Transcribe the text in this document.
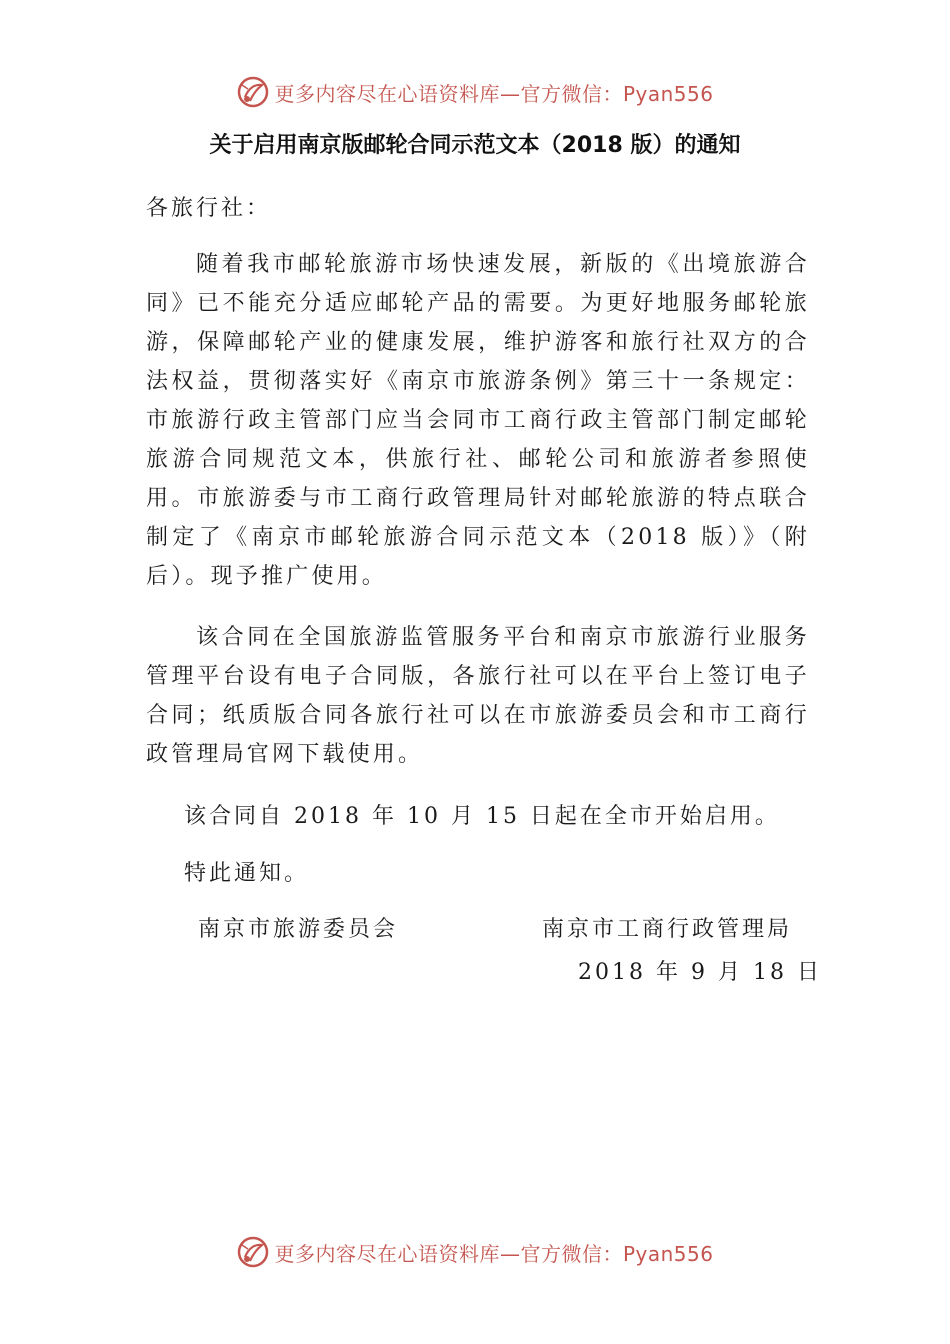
更多内容尽在心语资料库—官方微信：Pyan556
关于启用南京版邮轮合同示范文本（2018 版）的通知
各旅行社：
随着我市邮轮旅游市场快速发展，新版的《出境旅游合同》已不能充分适应邮轮产品的需要。为更好地服务邮轮旅游，保障邮轮产业的健康发展，维护游客和旅行社双方的合法权益，贯彻落实好《南京市旅游条例》第三十一条规定：市旅游行政主管部门应当会同市工商行政主管部门制定邮轮旅游合同规范文本，供旅行社、邮轮公司和旅游者参照使用。市旅游委与市工商行政管理局针对邮轮旅游的特点联合制定了《南京市邮轮旅游合同示范文本（2018 版）》（附后）。现予推广使用。
该合同在全国旅游监管服务平台和南京市旅游行业服务管理平台设有电子合同版，各旅行社可以在平台上签订电子合同；纸质版合同各旅行社可以在市旅游委员会和市工商行政管理局官网下载使用。
该合同自 2018 年 10 月 15 日起在全市开始启用。
特此通知。
南京市旅游委员会	南京市工商行政管理局
2018 年 9 月 18 日
更多内容尽在心语资料库—官方微信：Pyan556
